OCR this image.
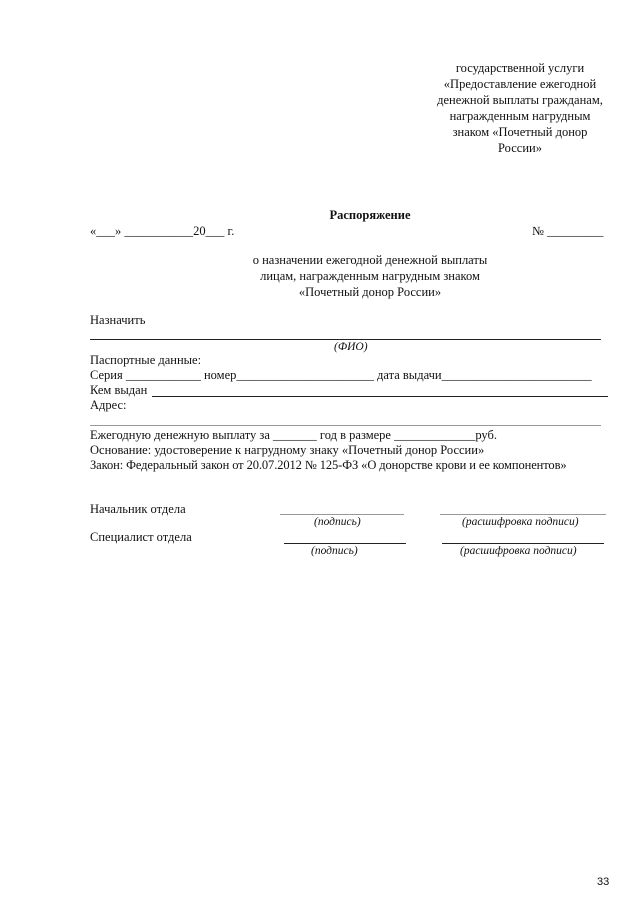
государственной услуги
«Предоставление ежегодной
денежной выплаты гражданам,
награжденным нагрудным
знаком «Почетный донор
России»
Распоряжение
«___» ___________20___ г.	№ _________
о назначении ежегодной денежной выплаты
лицам, награжденным нагрудным знаком
«Почетный донор России»
Назначить
(ФИО)
Паспортные данные:
Серия ____________ номер______________________ дата выдачи________________________
Кем выдан
Адрес:
Ежегодную денежную выплату за _______ год в размере _____________руб.
Основание: удостоверение к нагрудному знаку «Почетный донор России»
Закон: Федеральный закон от 20.07.2012 № 125-ФЗ «О донорстве крови и ее компонентов»
Начальник отдела
(подпись)	(расшифровка подписи)
Специалист отдела
(подпись)	(расшифровка подписи)
33
